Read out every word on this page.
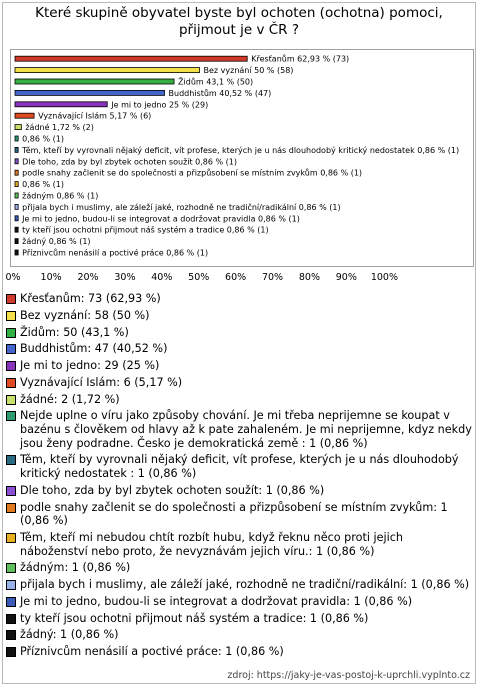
Které skupině obyvatel byste byl ochoten (ochotna) pomoci, přijmout je v ČR ?
Křesťanům 62,93 % (73)
Bez vyznání 50 % (58)
Židům 43,1 % (50)
Buddhistům 40,52 % (47)
Je mi to jedno 25 % (29)
Vyznávající Islám 5,17 % (6)
žádné 1,72 % (2)
0,86 % (1)
Těm, kteří by vyrovnali nějaký deficit, vít profese, kterých je u nás dlouhodobý kritický nedostatek 0,86 % (1)
Dle toho, zda by byl zbytek ochoten soužít 0,86 % (1)
podle snahy začlenit se do společnosti a přizpůsobení se místním zvykům 0,86 % (1)
0,86 % (1)
žádným 0,86 % (1)
přijala bych i muslimy, ale záleží jaké, rozhodně ne tradiční/radikální 0,86 % (1)
Je mi to jedno, budou-li se integrovat a dodržovat pravidla 0,86 % (1)
ty kteří jsou ochotni přijmout náš systém a tradice 0,86 % (1)
žádný 0,86 % (1)
Příznivcům nenásilí a poctivé práce 0,86 % (1)
0% 10% 20% 30% 40% 50% 60% 70% 80% 90% 100%
Křesťanům: 73 (62,93 %)
Bez vyznání: 58 (50 %)
Židům: 50 (43,1 %)
Buddhistům: 47 (40,52 %)
Je mi to jedno: 29 (25 %)
Vyznávající Islám: 6 (5,17 %)
žádné: 2 (1,72 %)
Nejde uplne o víru jako způsoby chování. Je mi třeba neprijemne se koupat v bazénu s člověkem od hlavy až k pate zahaleném. Je mi neprijemne, kdyz nekdy jsou ženy podradne. Česko je demokratická země : 1 (0,86 %)
Těm, kteří by vyrovnali nějaký deficit, vít profese, kterých je u nás dlouhodobý kritický nedostatek : 1 (0,86 %)
Dle toho, zda by byl zbytek ochoten soužít: 1 (0,86 %)
podle snahy začlenit se do společnosti a přizpůsobení se místním zvykům: 1 (0,86 %)
Těm, kteří mi nebudou chtít rozbít hubu, když řeknu něco proti jejich náboženství nebo proto, že nevyznávám jejich víru.: 1 (0,86 %)
žádným: 1 (0,86 %)
přijala bych i muslimy, ale záleží jaké, rozhodně ne tradiční/radikální: 1 (0,86 %)
Je mi to jedno, budou-li se integrovat a dodržovat pravidla: 1 (0,86 %)
ty kteří jsou ochotni přijmout náš systém a tradice: 1 (0,86 %)
žádný: 1 (0,86 %)
Příznivcům nenásilí a poctivé práce: 1 (0,86 %)
zdroj: https://jaky-je-vas-postoj-k-uprchli.vyplnto.cz
